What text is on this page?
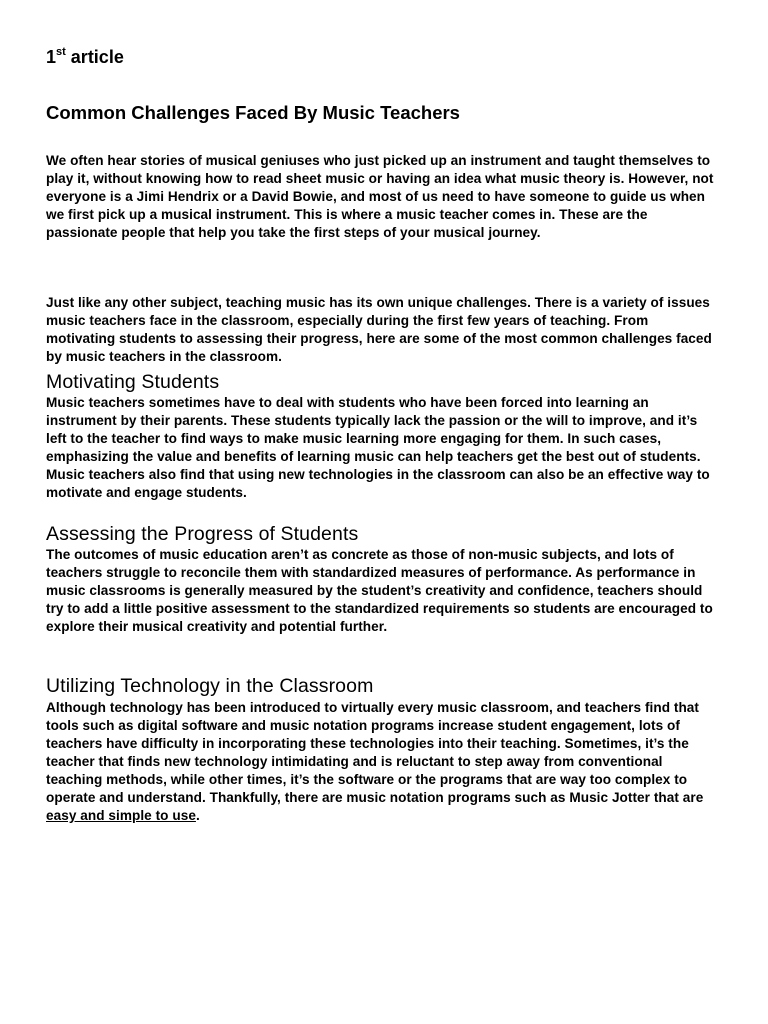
1st article

Common Challenges Faced By Music Teachers

We often hear stories of musical geniuses who just picked up an instrument and taught themselves to play it, without knowing how to read sheet music or having an idea what music theory is. However, not everyone is a Jimi Hendrix or a David Bowie, and most of us need to have someone to guide us when we first pick up a musical instrument. This is where a music teacher comes in. These are the passionate people that help you take the first steps of your musical journey.

Just like any other subject, teaching music has its own unique challenges. There is a variety of issues music teachers face in the classroom, especially during the first few years of teaching. From motivating students to assessing their progress, here are some of the most common challenges faced by music teachers in the classroom.

Motivating Students

Music teachers sometimes have to deal with students who have been forced into learning an instrument by their parents. These students typically lack the passion or the will to improve, and it’s left to the teacher to find ways to make music learning more engaging for them. In such cases, emphasizing the value and benefits of learning music can help teachers get the best out of students. Music teachers also find that using new technologies in the classroom can also be an effective way to motivate and engage students.

Assessing the Progress of Students

The outcomes of music education aren’t as concrete as those of non-music subjects, and lots of teachers struggle to reconcile them with standardized measures of performance. As performance in music classrooms is generally measured by the student’s creativity and confidence, teachers should try to add a little positive assessment to the standardized requirements so students are encouraged to explore their musical creativity and potential further.

Utilizing Technology in the Classroom

Although technology has been introduced to virtually every music classroom, and teachers find that tools such as digital software and music notation programs increase student engagement, lots of teachers have difficulty in incorporating these technologies into their teaching. Sometimes, it’s the teacher that finds new technology intimidating and is reluctant to step away from conventional teaching methods, while other times, it’s the software or the programs that are way too complex to operate and understand. Thankfully, there are music notation programs such as Music Jotter that are easy and simple to use.
